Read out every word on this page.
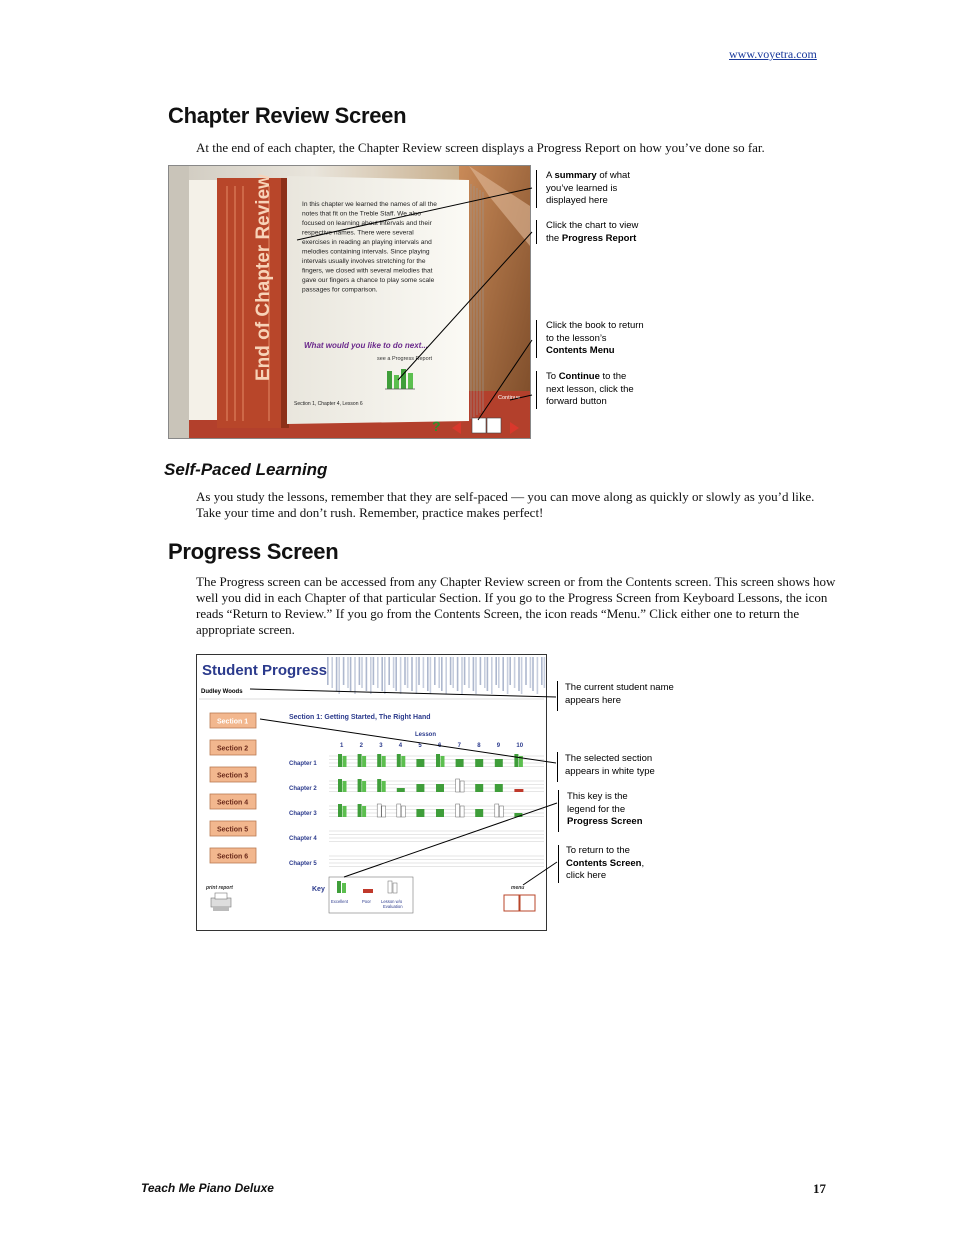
www.voyetra.com
Chapter Review Screen
At the end of each chapter, the Chapter Review screen displays a Progress Report on how you’ve done so far.
End of Chapter Review	In this chapter we learned the names of all the
notes that fit on the Treble Staff. We also
focused on learning about intervals and their
respective names. There were several
exercises in reading an playing intervals and
melodies containing intervals. Since playing
intervals usually involves stretching for the
fingers, we closed with several melodies that
gave our fingers a chance to play some scale
passages for comparison.
What would you like to do next...
see a Progress Report
Section 1, Chapter 4, Lesson 6
Continue
?
A summary of what you’ve learned is displayed here
Click the chart to view the Progress Report
Click the book to return to the lesson’s Contents Menu
To Continue to the next lesson, click the forward button
Self-Paced Learning
As you study the lessons, remember that they are self-paced — you can move along as quickly or slowly as you’d like. Take your time and don’t rush. Remember, practice makes perfect!
Progress Screen
The Progress screen can be accessed from any Chapter Review screen or from the Contents screen. This screen shows how well you did in each Chapter of that particular Section. If you go to the Progress Screen from Keyboard Lessons, the icon reads “Return to Review.” If you go from the Contents Screen, the icon reads “Menu.” Click either one to return the appropriate screen.
Student Progress
Dudley Woods
Section 1
Section 2
Section 3
Section 4
Section 5
Section 6
Section 1: Getting Started, The Right Hand
Lesson
1	2	3	4	5	6	7	8	9	10
Chapter 1
Chapter 2
Chapter 3
Chapter 4
Chapter 5
print report	Key
Excellent	Poor Lesson w/o Evaluation
menu
The current student name appears here
The selected section appears in white type
This key is the legend for the Progress Screen
To return to the Contents Screen, click here
Teach Me Piano Deluxe	17
